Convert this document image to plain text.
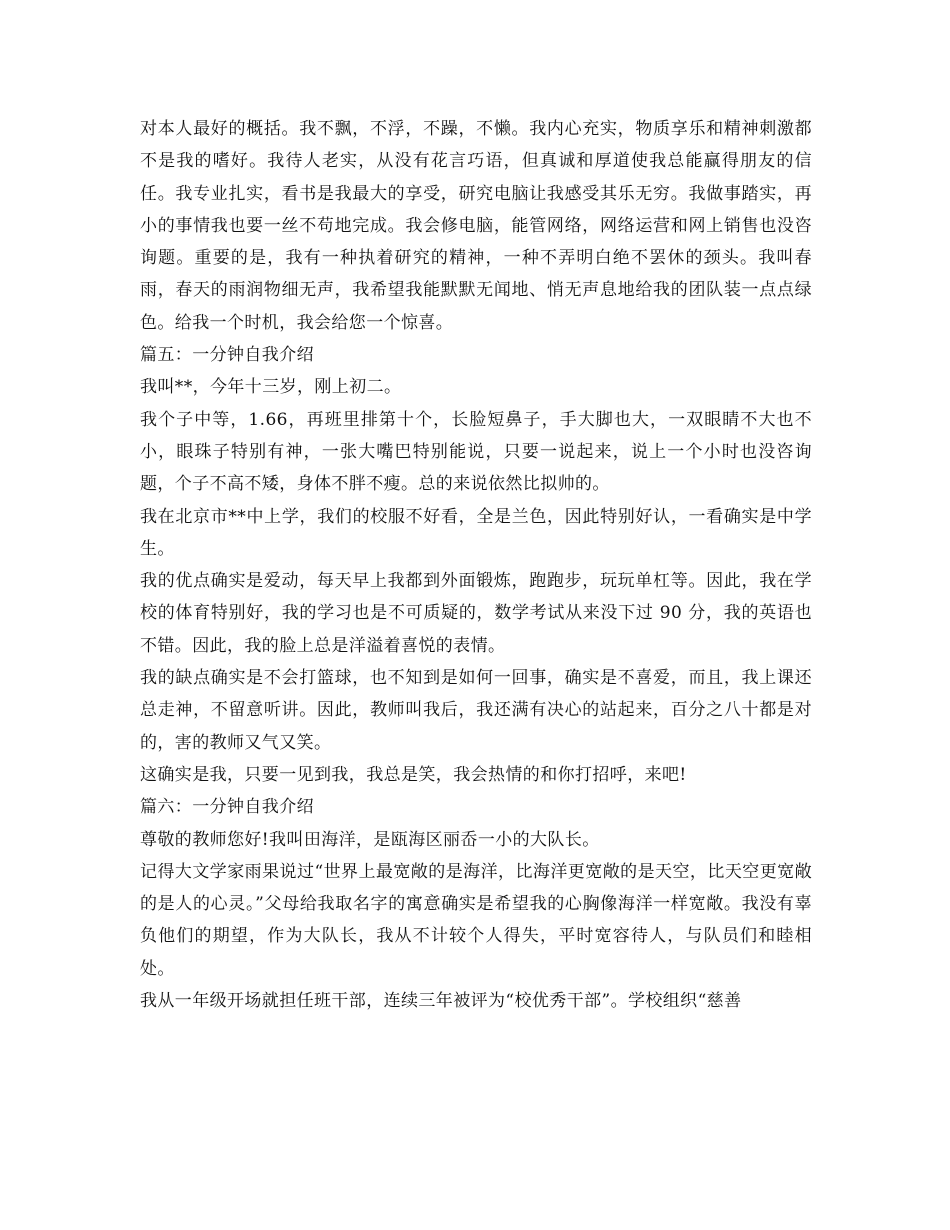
对本人最好的概括。我不飘，不浮，不躁，不懒。我内心充实，物质享乐和精神刺激都不是我的嗜好。我待人老实，从没有花言巧语，但真诚和厚道使我总能赢得朋友的信任。我专业扎实，看书是我最大的享受，研究电脑让我感受其乐无穷。我做事踏实，再小的事情我也要一丝不苟地完成。我会修电脑，能管网络，网络运营和网上销售也没咨询题。重要的是，我有一种执着研究的精神，一种不弄明白绝不罢休的颈头。我叫春雨，春天的雨润物细无声，我希望我能默默无闻地、悄无声息地给我的团队装一点点绿色。给我一个时机，我会给您一个惊喜。

篇五：一分钟自我介绍

我叫**，今年十三岁，刚上初二。

我个子中等，1.66，再班里排第十个，长脸短鼻子，手大脚也大，一双眼睛不大也不小，眼珠子特别有神，一张大嘴巴特别能说，只要一说起来，说上一个小时也没咨询题，个子不高不矮，身体不胖不瘦。总的来说依然比拟帅的。

我在北京市**中上学，我们的校服不好看，全是兰色，因此特别好认，一看确实是中学生。

我的优点确实是爱动，每天早上我都到外面锻炼，跑跑步，玩玩单杠等。因此，我在学校的体育特别好，我的学习也是不可质疑的，数学考试从来没下过 90 分，我的英语也不错。因此，我的脸上总是洋溢着喜悦的表情。

我的缺点确实是不会打篮球，也不知到是如何一回事，确实是不喜爱，而且，我上课还总走神，不留意听讲。因此，教师叫我后，我还满有决心的站起来，百分之八十都是对的，害的教师又气又笑。

这确实是我，只要一见到我，我总是笑，我会热情的和你打招呼，来吧!

篇六：一分钟自我介绍

尊敬的教师您好!我叫田海洋，是瓯海区丽岙一小的大队长。

记得大文学家雨果说过“世界上最宽敞的是海洋，比海洋更宽敞的是天空，比天空更宽敞的是人的心灵。”父母给我取名字的寓意确实是希望我的心胸像海洋一样宽敞。我没有辜负他们的期望，作为大队长，我从不计较个人得失，平时宽容待人，与队员们和睦相处。

我从一年级开场就担任班干部，连续三年被评为“校优秀干部”。学校组织“慈善
